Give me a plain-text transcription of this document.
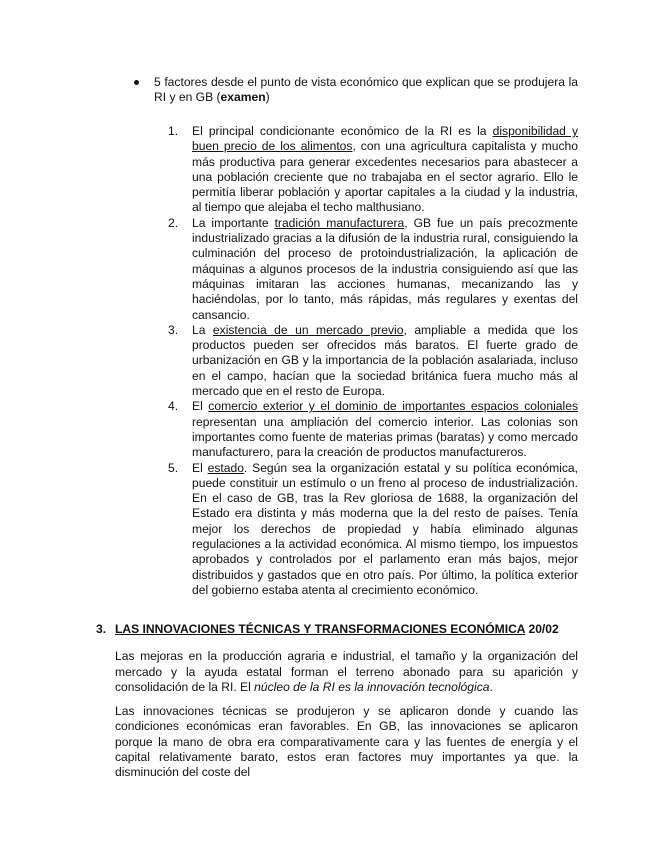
5 factores desde el punto de vista económico que explican que se produjera la RI y en GB (examen)
1. El principal condicionante económico de la RI es la disponibilidad y buen precio de los alimentos, con una agricultura capitalista y mucho más productiva para generar excedentes necesarios para abastecer a una población creciente que no trabajaba en el sector agrario. Ello le permitía liberar población y aportar capitales a la ciudad y la industria, al tiempo que alejaba el techo malthusiano.
2. La importante tradición manufacturera, GB fue un país precozmente industrializado gracias a la difusión de la industria rural, consiguiendo la culminación del proceso de protoindustrialización, la aplicación de máquinas a algunos procesos de la industria consiguiendo así que las máquinas imitaran las acciones humanas, mecanizando las y haciéndolas, por lo tanto, más rápidas, más regulares y exentas del cansancio.
3. La existencia de un mercado previo, ampliable a medida que los productos pueden ser ofrecidos más baratos. El fuerte grado de urbanización en GB y la importancia de la población asalariada, incluso en el campo, hacían que la sociedad británica fuera mucho más al mercado que en el resto de Europa.
4. El comercio exterior y el dominio de importantes espacios coloniales representan una ampliación del comercio interior. Las colonias son importantes como fuente de materias primas (baratas) y como mercado manufacturero, para la creación de productos manufactureros.
5. El estado. Según sea la organización estatal y su política económica, puede constituir un estímulo o un freno al proceso de industrialización. En el caso de GB, tras la Rev gloriosa de 1688, la organización del Estado era distinta y más moderna que la del resto de países. Tenía mejor los derechos de propiedad y había eliminado algunas regulaciones a la actividad económica. Al mismo tiempo, los impuestos aprobados y controlados por el parlamento eran más bajos, mejor distribuidos y gastados que en otro país. Por último, la política exterior del gobierno estaba atenta al crecimiento económico.

3. LAS INNOVACIONES TÉCNICAS Y TRANSFORMACIONES ECONÓMICA 20/02

Las mejoras en la producción agraria e industrial, el tamaño y la organización del mercado y la ayuda estatal forman el terreno abonado para su aparición y consolidación de la RI. El núcleo de la RI es la innovación tecnológica.

Las innovaciones técnicas se produjeron y se aplicaron donde y cuando las condiciones económicas eran favorables. En GB, las innovaciones se aplicaron porque la mano de obra era comparativamente cara y las fuentes de energía y el capital relativamente barato, estos eran factores muy importantes ya que. la disminución del coste del
